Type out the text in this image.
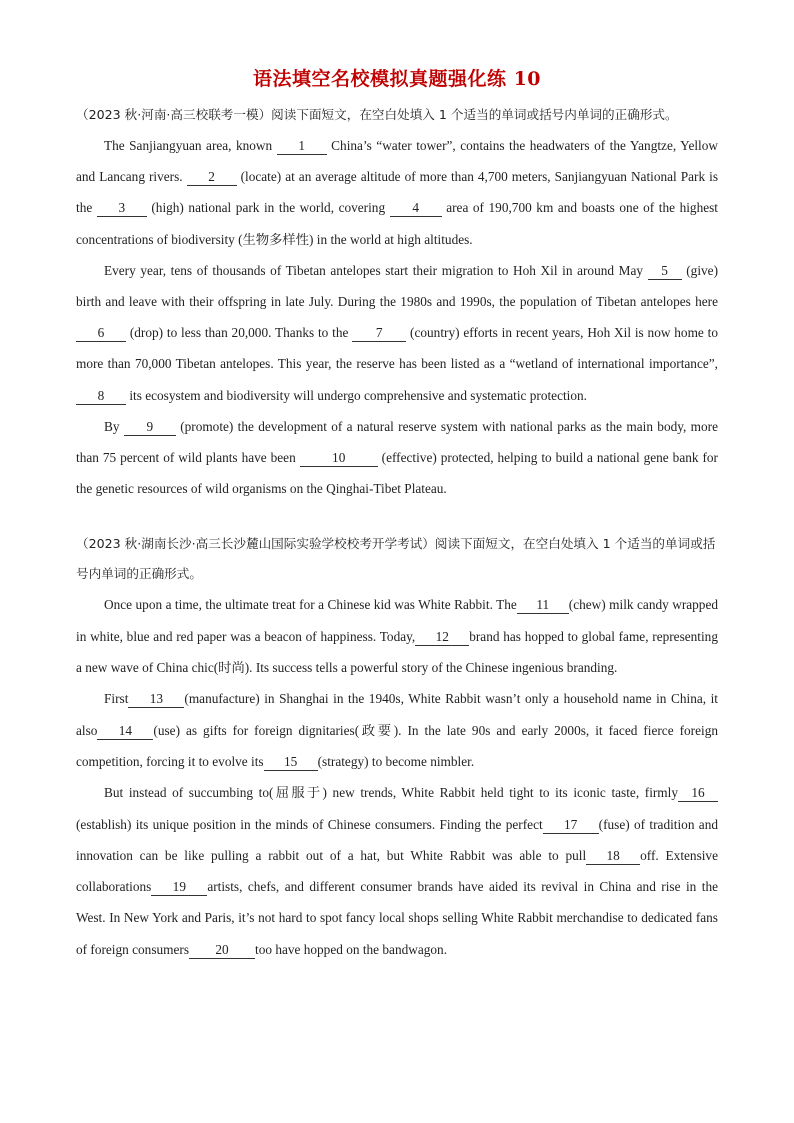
语法填空名校模拟真题强化练 10

（2023 秋·河南·高三校联考一模）阅读下面短文，在空白处填入 1 个适当的单词或括号内单词的正确形式。

The Sanjiangyuan area, known 1 China’s “water tower”, contains the headwaters of the Yangtze, Yellow and Lancang rivers. 2 (locate) at an average altitude of more than 4,700 meters, Sanjiangyuan National Park is the 3 (high) national park in the world, covering 4 area of 190,700 km and boasts one of the highest concentrations of biodiversity (生物多样性) in the world at high altitudes.

Every year, tens of thousands of Tibetan antelopes start their migration to Hoh Xil in around May 5 (give) birth and leave with their offspring in late July. During the 1980s and 1990s, the population of Tibetan antelopes here 6 (drop) to less than 20,000. Thanks to the 7 (country) efforts in recent years, Hoh Xil is now home to more than 70,000 Tibetan antelopes. This year, the reserve has been listed as a “wetland of international importance”, 8 its ecosystem and biodiversity will undergo comprehensive and systematic protection.

By 9 (promote) the development of a natural reserve system with national parks as the main body, more than 75 percent of wild plants have been 10 (effective) protected, helping to build a national gene bank for the genetic resources of wild organisms on the Qinghai-Tibet Plateau.

（2023 秋·湖南长沙·高三长沙麓山国际实验学校校考开学考试）阅读下面短文，在空白处填入 1 个适当的单词或括号内单词的正确形式。

Once upon a time, the ultimate treat for a Chinese kid was White Rabbit. The 11 (chew) milk candy wrapped in white, blue and red paper was a beacon of happiness. Today, 12 brand has hopped to global fame, representing a new wave of China chic(时尚). Its success tells a powerful story of the Chinese ingenious branding.

First 13 (manufacture) in Shanghai in the 1940s, White Rabbit wasn’t only a household name in China, it also 14 (use) as gifts for foreign dignitaries(政要). In the late 90s and early 2000s, it faced fierce foreign competition, forcing it to evolve its 15 (strategy) to become nimbler.

But instead of succumbing to(屈服于) new trends, White Rabbit held tight to its iconic taste, firmly 16 (establish) its unique position in the minds of Chinese consumers. Finding the perfect 17 (fuse) of tradition and innovation can be like pulling a rabbit out of a hat, but White Rabbit was able to pull 18 off. Extensive collaborations 19 artists, chefs, and different consumer brands have aided its revival in China and rise in the West. In New York and Paris, it’s not hard to spot fancy local shops selling White Rabbit merchandise to dedicated fans of foreign consumers 20 too have hopped on the bandwagon.
